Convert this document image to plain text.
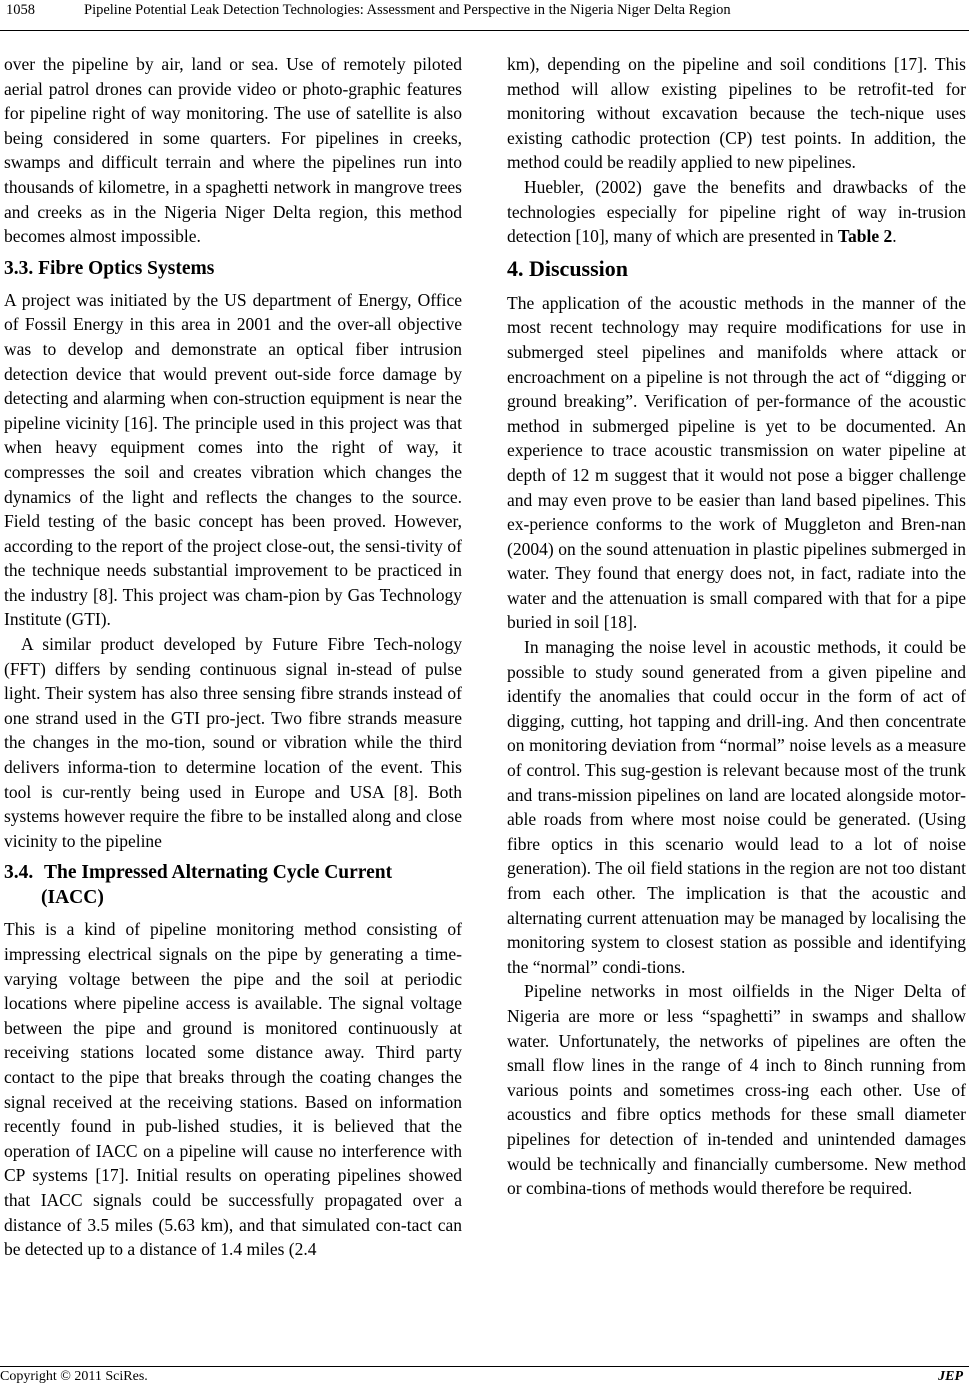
1058	Pipeline Potential Leak Detection Technologies: Assessment and Perspective in the Nigeria Niger Delta Region

over the pipeline by air, land or sea. Use of remotely piloted aerial patrol drones can provide video or photo-graphic features for pipeline right of way monitoring. The use of satellite is also being considered in some quarters. For pipelines in creeks, swamps and difficult terrain and where the pipelines run into thousands of kilometre, in a spaghetti network in mangrove trees and creeks as in the Nigeria Niger Delta region, this method becomes almost impossible.

3.3. Fibre Optics Systems

A project was initiated by the US department of Energy, Office of Fossil Energy in this area in 2001 and the over-all objective was to develop and demonstrate an optical fiber intrusion detection device that would prevent out-side force damage by detecting and alarming when con-struction equipment is near the pipeline vicinity [16]. The principle used in this project was that when heavy equipment comes into the right of way, it compresses the soil and creates vibration which changes the dynamics of the light and reflects the changes to the source. Field testing of the basic concept has been proved. However, according to the report of the project close-out, the sensi-tivity of the technique needs substantial improvement to be practiced in the industry [8]. This project was cham-pion by Gas Technology Institute (GTI).

A similar product developed by Future Fibre Tech-nology (FFT) differs by sending continuous signal in-stead of pulse light. Their system has also three sensing fibre strands instead of one strand used in the GTI pro-ject. Two fibre strands measure the changes in the mo-tion, sound or vibration while the third delivers informa-tion to determine location of the event. This tool is cur-rently being used in Europe and USA [8]. Both systems however require the fibre to be installed along and close vicinity to the pipeline

3.4. The Impressed Alternating Cycle Current
(IACC)

This is a kind of pipeline monitoring method consisting of impressing electrical signals on the pipe by generating a time-varying voltage between the pipe and the soil at periodic locations where pipeline access is available. The signal voltage between the pipe and ground is monitored continuously at receiving stations located some distance away. Third party contact to the pipe that breaks through the coating changes the signal received at the receiving stations. Based on information recently found in pub-lished studies, it is believed that the operation of IACC on a pipeline will cause no interference with CP systems [17]. Initial results on operating pipelines showed that IACC signals could be successfully propagated over a distance of 3.5 miles (5.63 km), and that simulated con-tact can be detected up to a distance of 1.4 miles (2.4

km), depending on the pipeline and soil conditions [17]. This method will allow existing pipelines to be retrofit-ted for monitoring without excavation because the tech-nique uses existing cathodic protection (CP) test points. In addition, the method could be readily applied to new pipelines.

Huebler, (2002) gave the benefits and drawbacks of the technologies especially for pipeline right of way in-trusion detection [10], many of which are presented in Table 2.

4. Discussion

The application of the acoustic methods in the manner of the most recent technology may require modifications for use in submerged steel pipelines and manifolds where attack or encroachment on a pipeline is not through the act of “digging or ground breaking”. Verification of per-formance of the acoustic method in submerged pipeline is yet to be documented. An experience to trace acoustic transmission on water pipeline at depth of 12 m suggest that it would not pose a bigger challenge and may even prove to be easier than land based pipelines. This ex-perience conforms to the work of Muggleton and Bren-nan (2004) on the sound attenuation in plastic pipelines submerged in water. They found that energy does not, in fact, radiate into the water and the attenuation is small compared with that for a pipe buried in soil [18].

In managing the noise level in acoustic methods, it could be possible to study sound generated from a given pipeline and identify the anomalies that could occur in the form of act of digging, cutting, hot tapping and drill-ing. And then concentrate on monitoring deviation from “normal” noise levels as a measure of control. This sug-gestion is relevant because most of the trunk and trans-mission pipelines on land are located alongside motor-able roads from where most noise could be generated. (Using fibre optics in this scenario would lead to a lot of noise generation). The oil field stations in the region are not too distant from each other. The implication is that the acoustic and alternating current attenuation may be managed by localising the monitoring system to closest station as possible and identifying the “normal” condi-tions.

Pipeline networks in most oilfields in the Niger Delta of Nigeria are more or less “spaghetti” in swamps and shallow water. Unfortunately, the networks of pipelines are often the small flow lines in the range of 4 inch to 8inch running from various points and sometimes cross-ing each other. Use of acoustics and fibre optics methods for these small diameter pipelines for detection of in-tended and unintended damages would be technically and financially cumbersome. New method or combina-tions of methods would therefore be required.

Copyright © 2011 SciRes.	JEP
